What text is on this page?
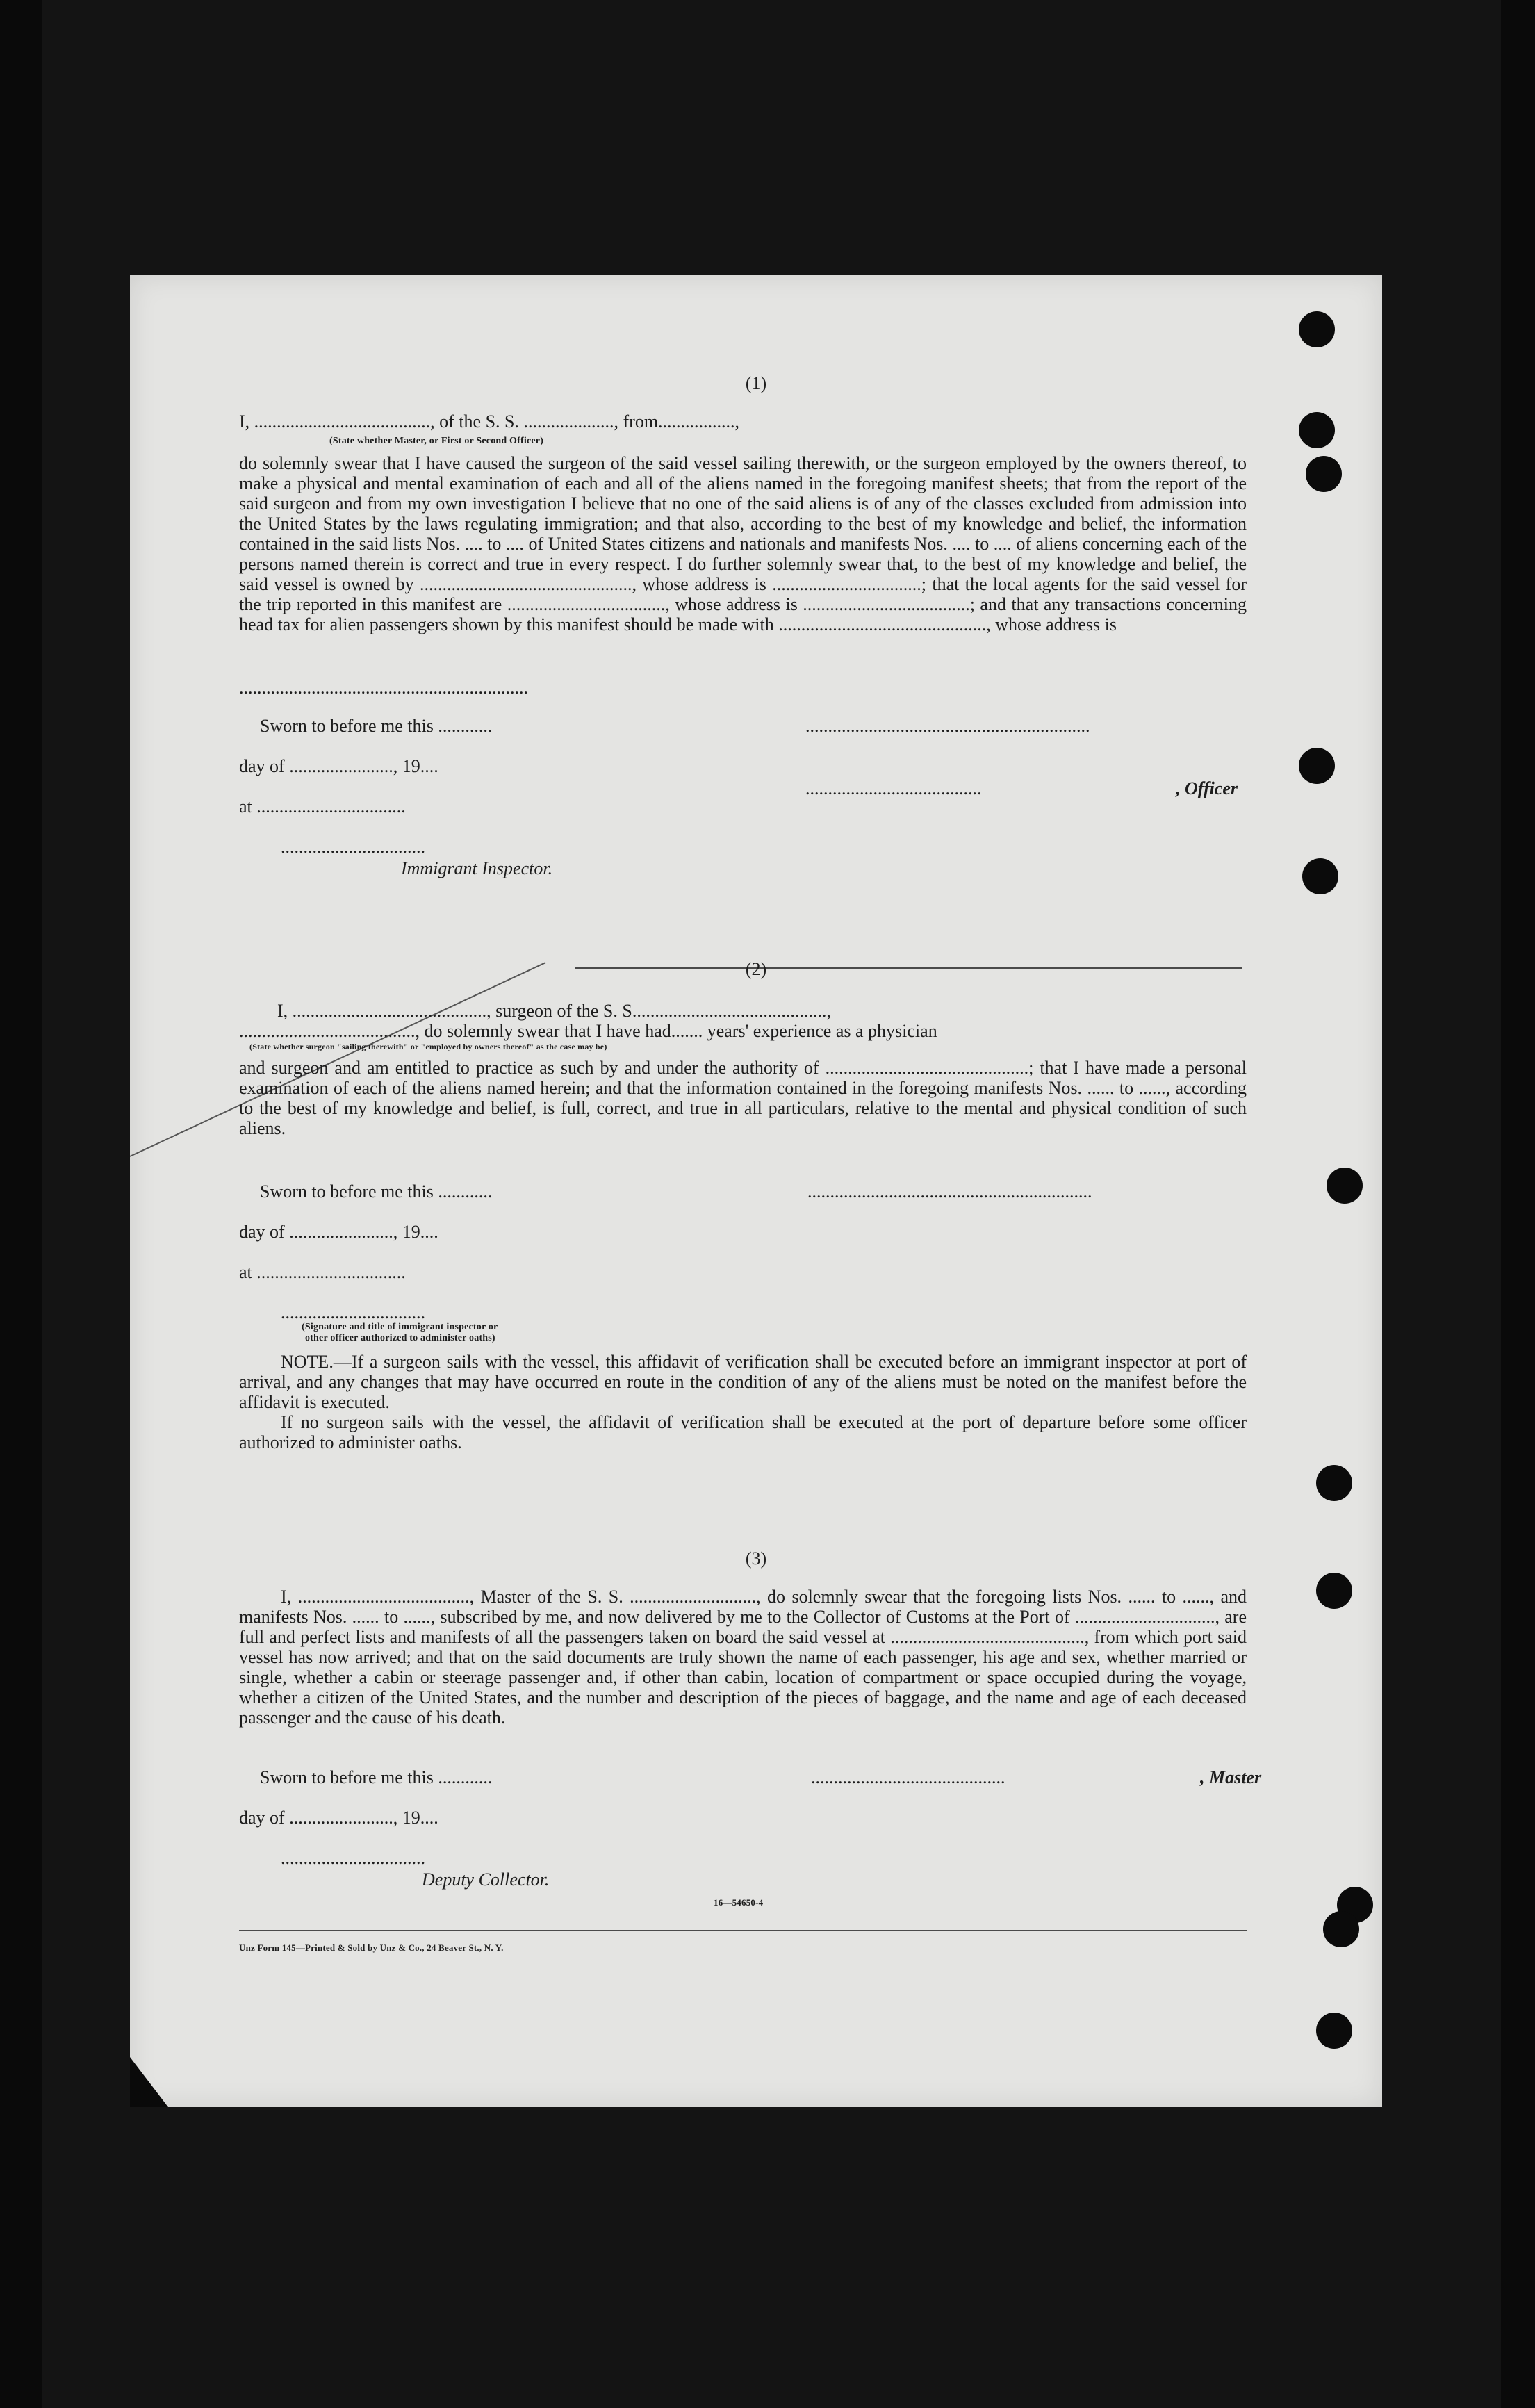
(1)
I, ......................................., of the S. S. ...................., from.................,
(State whether Master, or First or Second Officer)

do solemnly swear that I have caused the surgeon of the said vessel sailing therewith, or the surgeon employed by the owners thereof, to make a physical and mental examination of each and all of the aliens named in the foregoing manifest sheets; that from the report of the said surgeon and from my own investigation I believe that no one of the said aliens is of any of the classes excluded from admission into the United States by the laws regulating immigration; and that also, according to the best of my knowledge and belief, the information contained in the said lists Nos. .... to .... of United States citizens and nationals and manifests Nos. .... to .... of aliens concerning each of the persons named therein is correct and true in every respect. I do further solemnly swear that, to the best of my knowledge and belief, the said vessel is owned by ..............................................., whose address is .................................; that the local agents for the said vessel for the trip reported in this manifest are ..................................., whose address is .....................................; and that any transactions concerning head tax for alien passengers shown by this manifest should be made with .............................................., whose address is

................................................................
Sworn to before me this ............
day of ......................., 19....
at .................................
................................
Immigrant Inspector.
...............................................................
.......................................	, Officer
(2)
I, ..........................................., surgeon of the S. S...........................................,
......................................., do solemnly swear that I have had....... years' experience as a physician
(State whether surgeon "sailing therewith" or "employed by owners thereof" as the case may be)

and surgeon and am entitled to practice as such by and under the authority of .............................................; that I have made a personal examination of each of the aliens named herein; and that the information contained in the foregoing manifests Nos. ...... to ......, according to the best of my knowledge and belief, is full, correct, and true in all particulars, relative to the mental and physical condition of such aliens.

Sworn to before me this ............	...............................................................
day of ......................., 19....
at .................................
................................
(Signature and title of immigrant inspector or
other officer authorized to administer oaths)

NOTE.—If a surgeon sails with the vessel, this affidavit of verification shall be executed before an immigrant inspector at port of arrival, and any changes that may have occurred en route in the condition of any of the aliens must be noted on the manifest before the affidavit is executed.

If no surgeon sails with the vessel, the affidavit of verification shall be executed at the port of departure before some officer authorized to administer oaths.

(3)

I, ......................................, Master of the S. S. ............................, do solemnly swear that the foregoing lists Nos. ...... to ......, and manifests Nos. ...... to ......, subscribed by me, and now delivered by me to the Collector of Customs at the Port of ..............................., are full and perfect lists and manifests of all the passengers taken on board the said vessel at ..........................................., from which port said vessel has now arrived; and that on the said documents are truly shown the name of each passenger, his age and sex, whether married or single, whether a cabin or steerage passenger and, if other than cabin, location of compartment or space occupied during the voyage, whether a citizen of the United States, and the number and description of the pieces of baggage, and the name and age of each deceased passenger and the cause of his death.

Sworn to before me this ............	...........................................	, Master
day of ......................., 19....
................................
Deputy Collector.
16—54650-4
Unz Form 145—Printed & Sold by Unz & Co., 24 Beaver St., N. Y.
